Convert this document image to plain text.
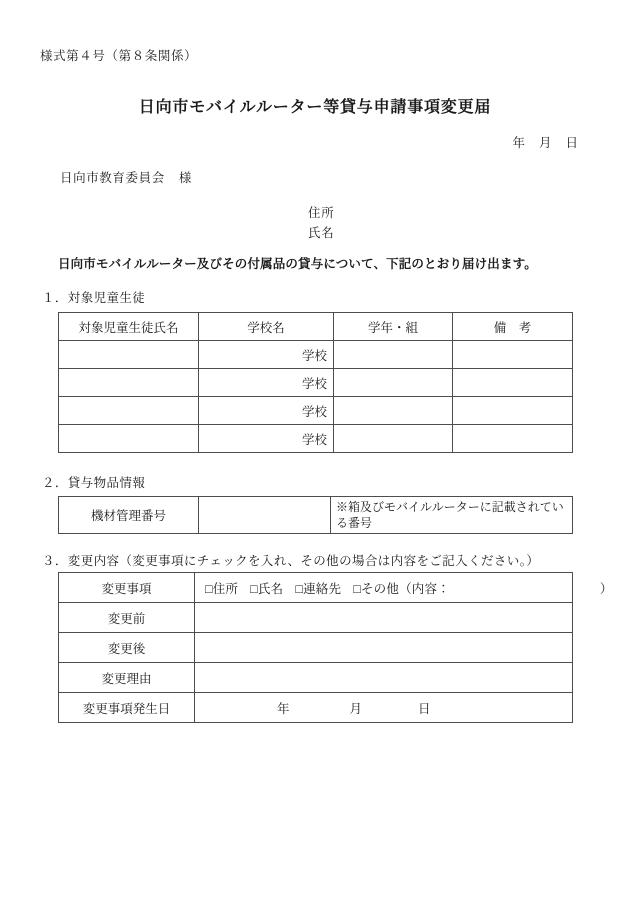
様式第４号（第８条関係）
日向市モバイルルーター等貸与申請事項変更届
年 月 日
日向市教育委員会 様
住所
氏名
日向市モバイルルーター及びその付属品の貸与について、下記のとおり届け出ます。
１．対象児童生徒
対象児童生徒氏名	学校名	学年・組	備　考
	学校		
	学校		
	学校		
	学校		
２．貸与物品情報
機材管理番号		※箱及びモバイルルーターに記載されている番号
３．変更内容（変更事項にチェックを入れ、その他の場合は内容をご記入ください。）
変更事項	□住所 □氏名 □連絡先 □その他（内容： ）
変更前	
変更後	
変更理由	
変更事項発生日	年 月 日
